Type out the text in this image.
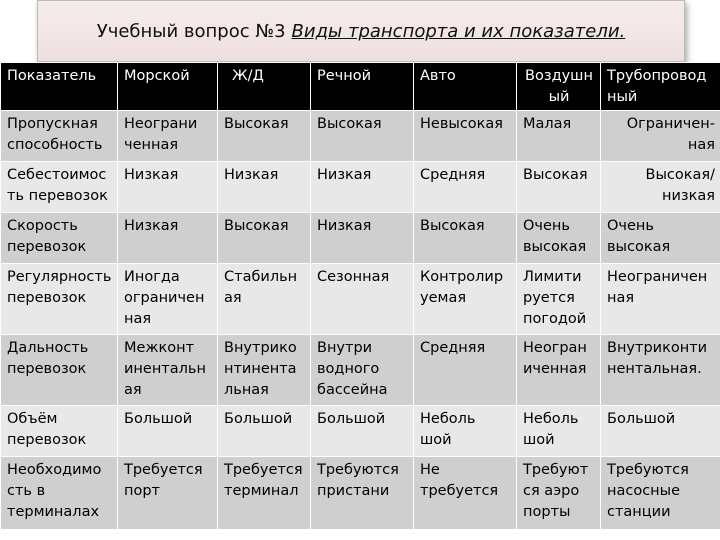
Учебный вопрос №3 Виды транспорта и их показатели.
Показатель	Морской	Ж/Д	Речной	Авто	Воздушн ый	Трубопровод ный
Пропускная способность	Неограни ченная	Высокая	Высокая	Невысокая	Малая	Ограничен- ная
Себестоимос ть перевозок	Низкая	Низкая	Низкая	Средняя	Высокая	Высокая/ низкая
Скорость перевозок	Низкая	Высокая	Низкая	Высокая	Очень высокая	Очень высокая
Регулярность перевозок	Иногда ограничен ная	Стабильн ая	Сезонная	Контролир уемая	Лимити руется погодой	Неограничен ная
Дальность перевозок	Межконт инентальн ая	Внутрико нтинента льная	Внутри водного бассейна	Средняя	Неогран иченная	Внутриконти нентальная.
Объём перевозок	Большой	Большой	Большой	Неболь шой	Неболь шой	Большой
Необходимо сть в терминалах	Требуется порт	Требуется терминал	Требуются пристани	Не требуется	Требуют ся аэро порты	Требуются насосные станции
